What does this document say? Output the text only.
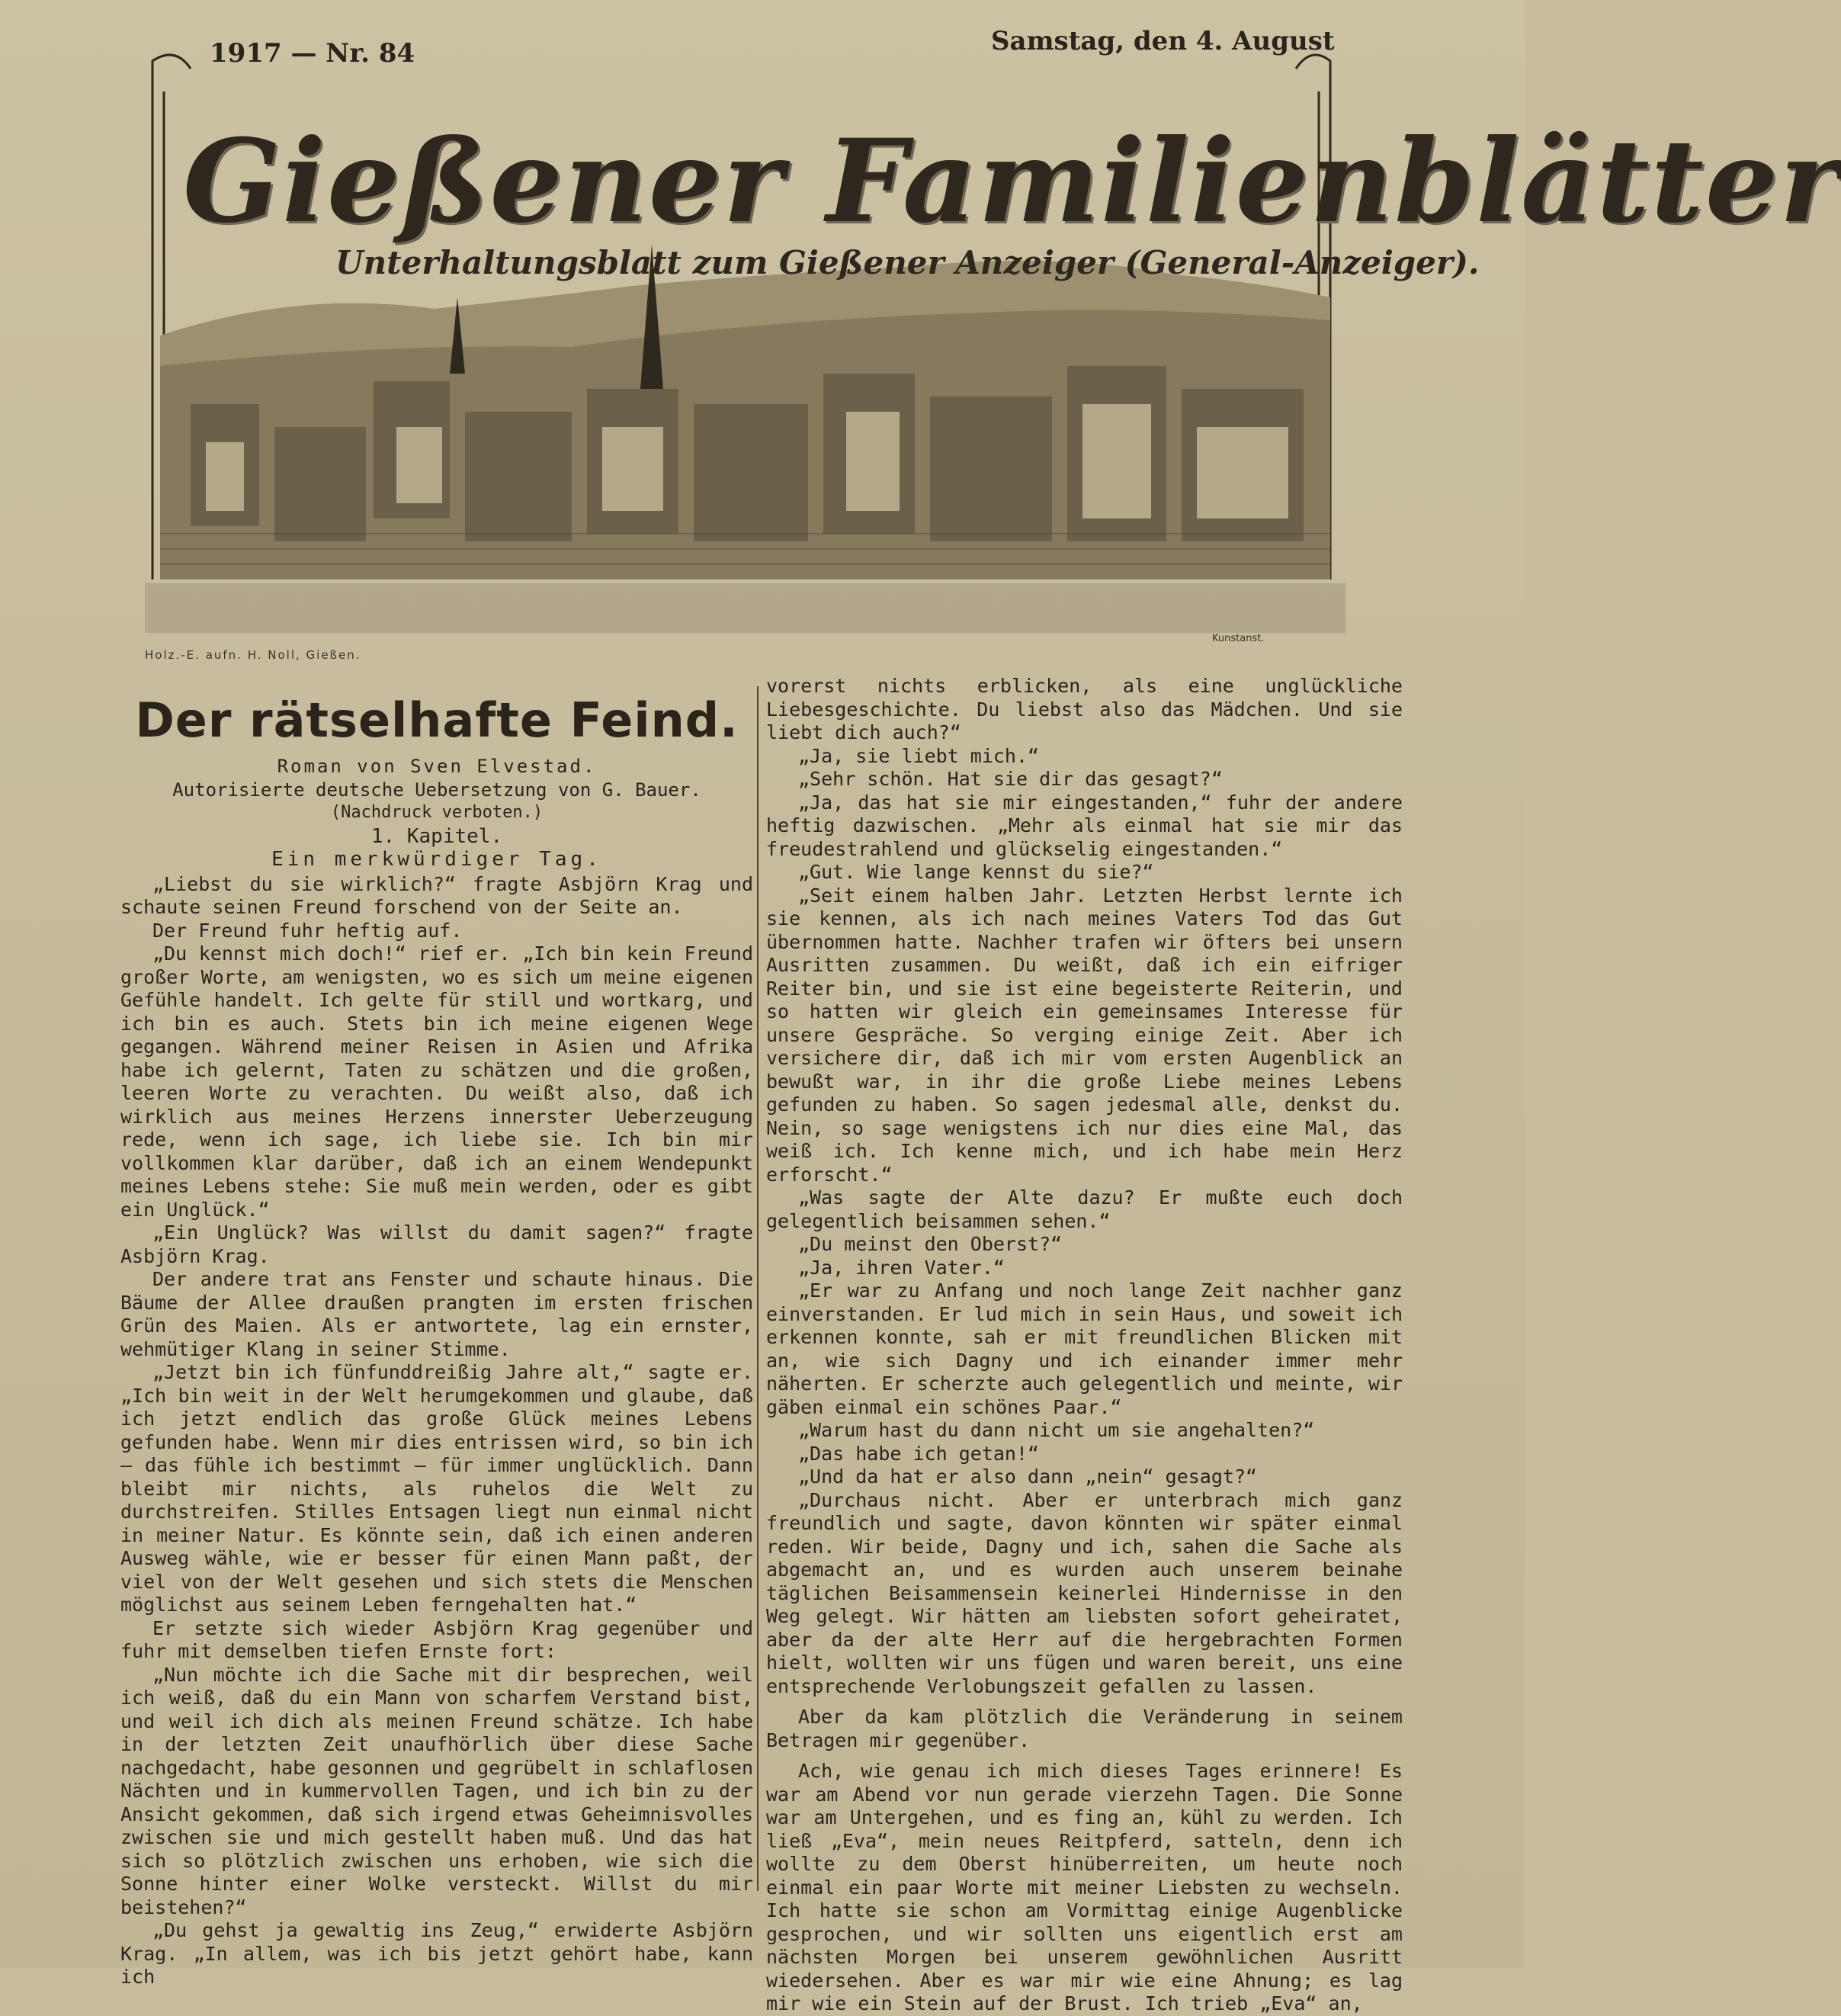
1917 — Nr. 84	Samstag, den 4. August
Gießener Familienblätter
Unterhaltungsblatt zum Gießener Anzeiger (General-Anzeiger).
Holz.-E. aufn. H. Noll, Gießen.
Kunstanst.
Der rätselhafte Feind.
Roman von Sven Elvestad.
Autorisierte deutsche Uebersetzung von G. Bauer.
(Nachdruck verboten.)
1. Kapitel.
Ein merkwürdiger Tag.
„Liebst du sie wirklich?“ fragte Asbjörn Krag und schaute seinen Freund forschend von der Seite an.
Der Freund fuhr heftig auf.
„Du kennst mich doch!“ rief er. „Ich bin kein Freund großer Worte, am wenigsten, wo es sich um meine eigenen Gefühle handelt. Ich gelte für still und wortkarg, und ich bin es auch. Stets bin ich meine eigenen Wege gegangen. Während meiner Reisen in Asien und Afrika habe ich gelernt, Taten zu schätzen und die großen, leeren Worte zu verachten. Du weißt also, daß ich wirklich aus meines Herzens innerster Ueberzeugung rede, wenn ich sage, ich liebe sie. Ich bin mir vollkommen klar darüber, daß ich an einem Wendepunkt meines Lebens stehe: Sie muß mein werden, oder es gibt ein Unglück.“
„Ein Unglück? Was willst du damit sagen?“ fragte Asbjörn Krag.
Der andere trat ans Fenster und schaute hinaus. Die Bäume der Allee draußen prangten im ersten frischen Grün des Maien. Als er antwortete, lag ein ernster, wehmütiger Klang in seiner Stimme.
„Jetzt bin ich fünfunddreißig Jahre alt,“ sagte er. „Ich bin weit in der Welt herumgekommen und glaube, daß ich jetzt endlich das große Glück meines Lebens gefunden habe. Wenn mir dies entrissen wird, so bin ich — das fühle ich bestimmt — für immer unglücklich. Dann bleibt mir nichts, als ruhelos die Welt zu durchstreifen. Stilles Entsagen liegt nun einmal nicht in meiner Natur. Es könnte sein, daß ich einen anderen Ausweg wähle, wie er besser für einen Mann paßt, der viel von der Welt gesehen und sich stets die Menschen möglichst aus seinem Leben ferngehalten hat.“
Er setzte sich wieder Asbjörn Krag gegenüber und fuhr mit demselben tiefen Ernste fort:
„Nun möchte ich die Sache mit dir besprechen, weil ich weiß, daß du ein Mann von scharfem Verstand bist, und weil ich dich als meinen Freund schätze. Ich habe in der letzten Zeit unaufhörlich über diese Sache nachgedacht, habe gesonnen und gegrübelt in schlaflosen Nächten und in kummervollen Tagen, und ich bin zu der Ansicht gekommen, daß sich irgend etwas Geheimnisvolles zwischen sie und mich gestellt haben muß. Und das hat sich so plötzlich zwischen uns erhoben, wie sich die Sonne hinter einer Wolke versteckt. Willst du mir beistehen?“
„Du gehst ja gewaltig ins Zeug,“ erwiderte Asbjörn Krag. „In allem, was ich bis jetzt gehört habe, kann ich
vorerst nichts erblicken, als eine unglückliche Liebesgeschichte. Du liebst also das Mädchen. Und sie liebt dich auch?“
„Ja, sie liebt mich.“
„Sehr schön. Hat sie dir das gesagt?“
„Ja, das hat sie mir eingestanden,“ fuhr der andere heftig dazwischen. „Mehr als einmal hat sie mir das freudestrahlend und glückselig eingestanden.“
„Gut. Wie lange kennst du sie?“
„Seit einem halben Jahr. Letzten Herbst lernte ich sie kennen, als ich nach meines Vaters Tod das Gut übernommen hatte. Nachher trafen wir öfters bei unsern Ausritten zusammen. Du weißt, daß ich ein eifriger Reiter bin, und sie ist eine begeisterte Reiterin, und so hatten wir gleich ein gemeinsames Interesse für unsere Gespräche. So verging einige Zeit. Aber ich versichere dir, daß ich mir vom ersten Augenblick an bewußt war, in ihr die große Liebe meines Lebens gefunden zu haben. So sagen jedesmal alle, denkst du. Nein, so sage wenigstens ich nur dies eine Mal, das weiß ich. Ich kenne mich, und ich habe mein Herz erforscht.“
„Was sagte der Alte dazu? Er mußte euch doch gelegentlich beisammen sehen.“
„Du meinst den Oberst?“
„Ja, ihren Vater.“
„Er war zu Anfang und noch lange Zeit nachher ganz einverstanden. Er lud mich in sein Haus, und soweit ich erkennen konnte, sah er mit freundlichen Blicken mit an, wie sich Dagny und ich einander immer mehr näherten. Er scherzte auch gelegentlich und meinte, wir gäben einmal ein schönes Paar.“
„Warum hast du dann nicht um sie angehalten?“
„Das habe ich getan!“
„Und da hat er also dann „nein“ gesagt?“
„Durchaus nicht. Aber er unterbrach mich ganz freundlich und sagte, davon könnten wir später einmal reden. Wir beide, Dagny und ich, sahen die Sache als abgemacht an, und es wurden auch unserem beinahe täglichen Beisammensein keinerlei Hindernisse in den Weg gelegt. Wir hätten am liebsten sofort geheiratet, aber da der alte Herr auf die hergebrachten Formen hielt, wollten wir uns fügen und waren bereit, uns eine entsprechende Verlobungszeit gefallen zu lassen.
Aber da kam plötzlich die Veränderung in seinem Betragen mir gegenüber.
Ach, wie genau ich mich dieses Tages erinnere! Es war am Abend vor nun gerade vierzehn Tagen. Die Sonne war am Untergehen, und es fing an, kühl zu werden. Ich ließ „Eva“, mein neues Reitpferd, satteln, denn ich wollte zu dem Oberst hinüberreiten, um heute noch einmal ein paar Worte mit meiner Liebsten zu wechseln. Ich hatte sie schon am Vormittag einige Augenblicke gesprochen, und wir sollten uns eigentlich erst am nächsten Morgen bei unserem gewöhnlichen Ausritt wiedersehen. Aber es war mir wie eine Ahnung; es lag mir wie ein Stein auf der Brust. Ich trieb „Eva“ an,
